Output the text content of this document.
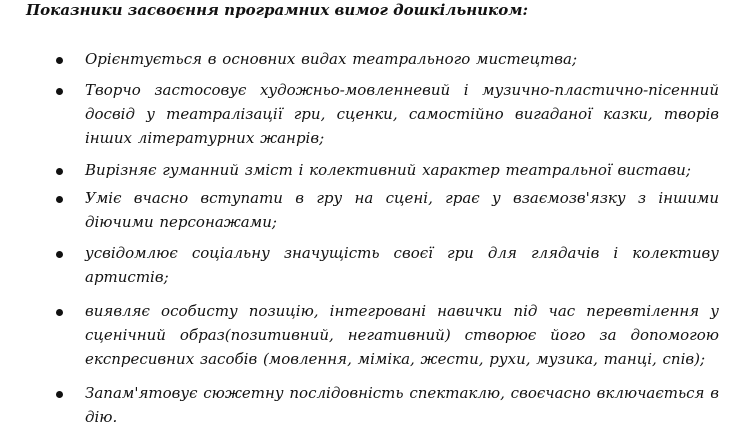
Показники засвоєння програмних вимог дошкільником:
Орієнтується в основних видах театрального мистецтва;
Творчо застосовує художньо-мовленневий і музично-пластично-пісенний досвід у театралізації гри, сценки, самостійно вигаданої казки, творів інших літературних жанрів;
Вирізняє гуманний зміст і колективний характер театральної вистави;
Уміє вчасно вступати в гру на сцені, грає у взаємозв'язку з іншими діючими персонажами;
усвідомлює соціальну значущість своєї гри для глядачів і колективу артистів;
виявляє особисту позицію, інтегровані навички під час перевтілення у сценічний образ(позитивний, негативний) створює його за допомогою експресивних засобів (мовлення, міміка, жести, рухи, музика, танці, спів);
Запам'ятовує сюжетну послідовність спектаклю, своєчасно включається в дію.
